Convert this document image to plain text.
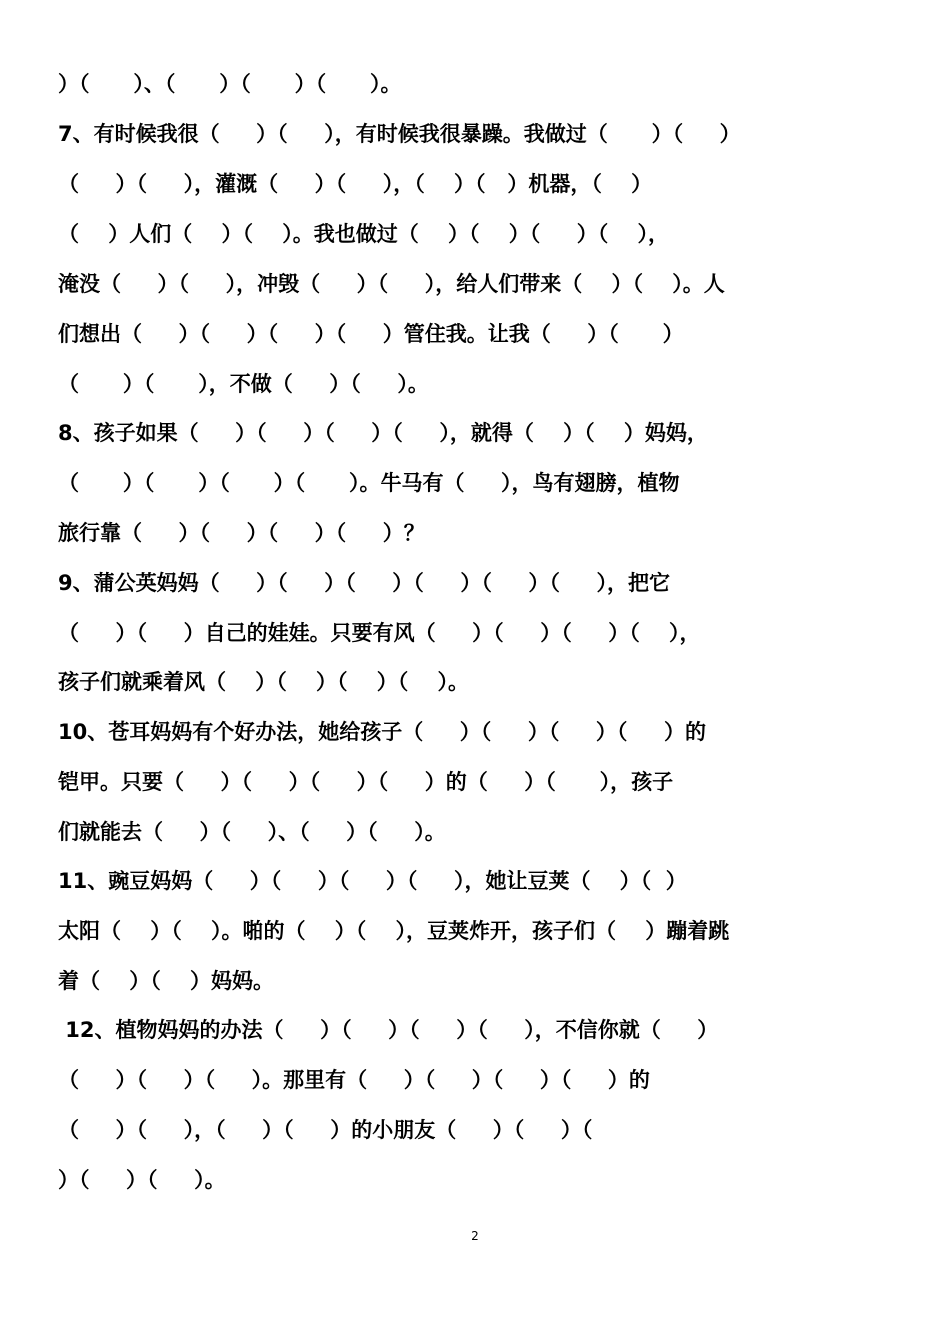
）（      ）、（      ）（      ）（      ）。
7、有时候我很（     ）（     ），有时候我很暴躁。我做过（      ）（     ）
（     ）（     ），灌溉（     ）（     ），（    ）（   ）机器，（    ）
（    ）人们（    ）（    ）。我也做过（    ）（    ）（     ）（    ），
淹没（     ）（     ），冲毁（     ）（     ），给人们带来（    ）（    ）。人
们想出（     ）（     ）（     ）（     ）管住我。让我（     ）（      ）
（      ）（      ），不做（     ）（     ）。
8、孩子如果（     ）（     ）（     ）（     ），就得（    ）（    ）妈妈，
（      ）（      ）（      ）（      ）。牛马有（     ），鸟有翅膀，植物
旅行靠（     ）（     ）（     ）（     ）？
9、蒲公英妈妈（     ）（     ）（     ）（     ）（     ）（     ），把它
（     ）（     ）自己的娃娃。只要有风（     ）（     ）（     ）（    ），
孩子们就乘着风（    ）（    ）（    ）（    ）。
10、苍耳妈妈有个好办法，她给孩子（     ）（     ）（     ）（     ）的
铠甲。只要（     ）（     ）（     ）（     ）的（     ）（      ），孩子
们就能去（     ）（     ）、（     ）（     ）。
11、豌豆妈妈（     ）（     ）（     ）（     ），她让豆荚（    ）（  ）
太阳（    ）（    ）。啪的（    ）（    ），豆荚炸开，孩子们（    ）蹦着跳
着（    ）（    ）妈妈。
12、植物妈妈的办法（     ）（     ）（     ）（     ），不信你就（     ）
（     ）（     ）（     ）。那里有（     ）（     ）（     ）（     ）的
（     ）（     ），（     ）（     ）的小朋友（     ）（     ）（
）（     ）（     ）。
2
